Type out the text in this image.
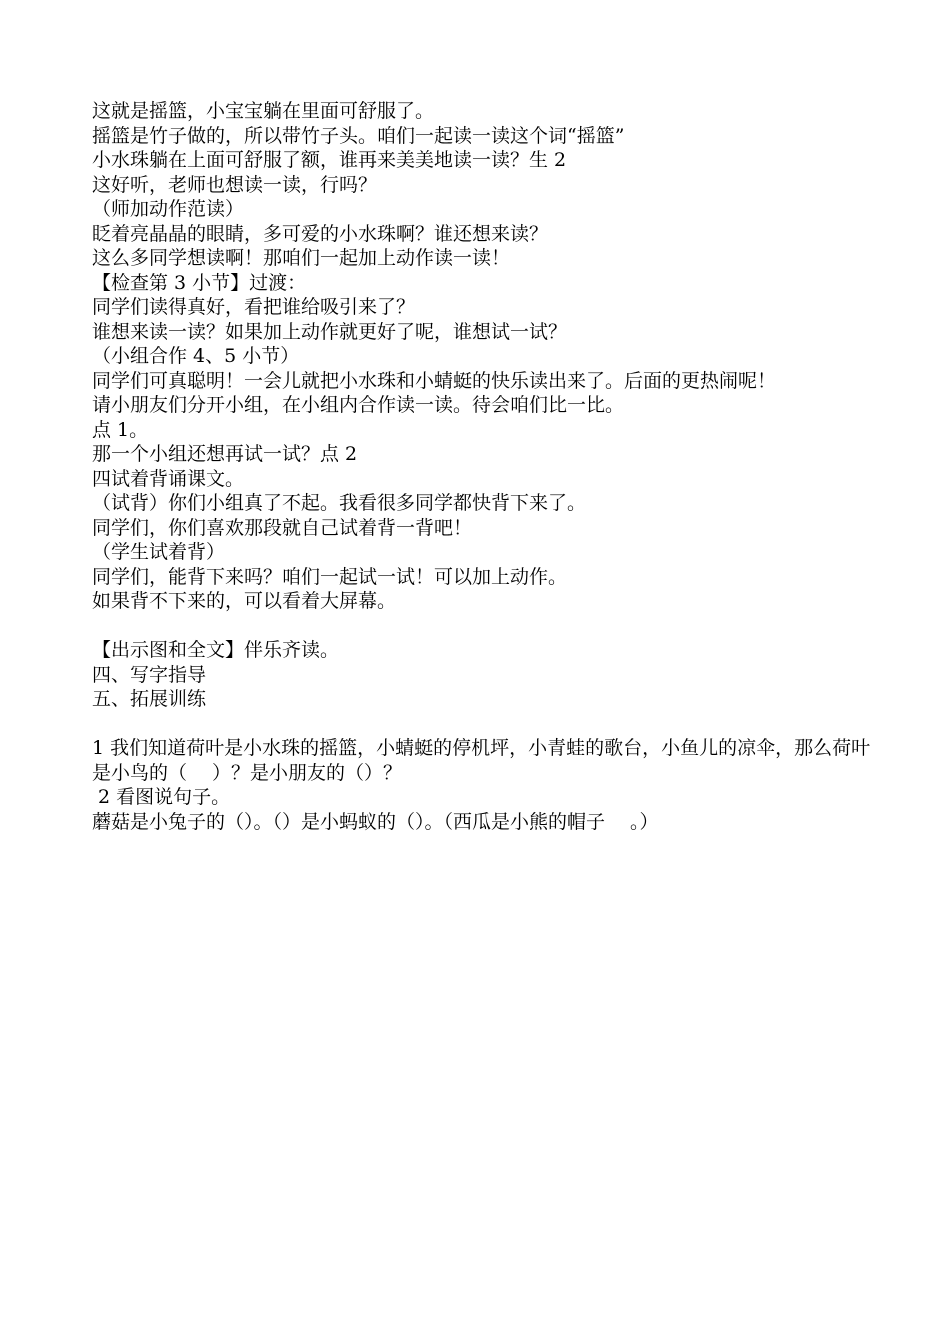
这就是摇篮，小宝宝躺在里面可舒服了。
摇篮是竹子做的，所以带竹子头。咱们一起读一读这个词“摇篮”
小水珠躺在上面可舒服了额，谁再来美美地读一读？生 2
这好听，老师也想读一读，行吗？
（师加动作范读）
眨着亮晶晶的眼睛，多可爱的小水珠啊？谁还想来读？
这么多同学想读啊！那咱们一起加上动作读一读！
【检查第 3 小节】过渡：
同学们读得真好，看把谁给吸引来了？
谁想来读一读？如果加上动作就更好了呢，谁想试一试？
（小组合作 4、5 小节）
同学们可真聪明！一会儿就把小水珠和小蜻蜓的快乐读出来了。后面的更热闹呢！
请小朋友们分开小组，在小组内合作读一读。待会咱们比一比。
点 1。
那一个小组还想再试一试？点 2
四试着背诵课文。
（试背）你们小组真了不起。我看很多同学都快背下来了。
同学们，你们喜欢那段就自己试着背一背吧！
（学生试着背）
同学们，能背下来吗？咱们一起试一试！可以加上动作。
如果背不下来的，可以看着大屏幕。
【出示图和全文】伴乐齐读。
四、写字指导
五、拓展训练
1 我们知道荷叶是小水珠的摇篮，小蜻蜓的停机坪，小青蛙的歌台，小鱼儿的凉伞，那么荷叶是小鸟的（　 ）？是小朋友的（）？
2 看图说句子。
蘑菇是小兔子的（）。（）是小蚂蚁的（）。（西瓜是小熊的帽子　 。）
